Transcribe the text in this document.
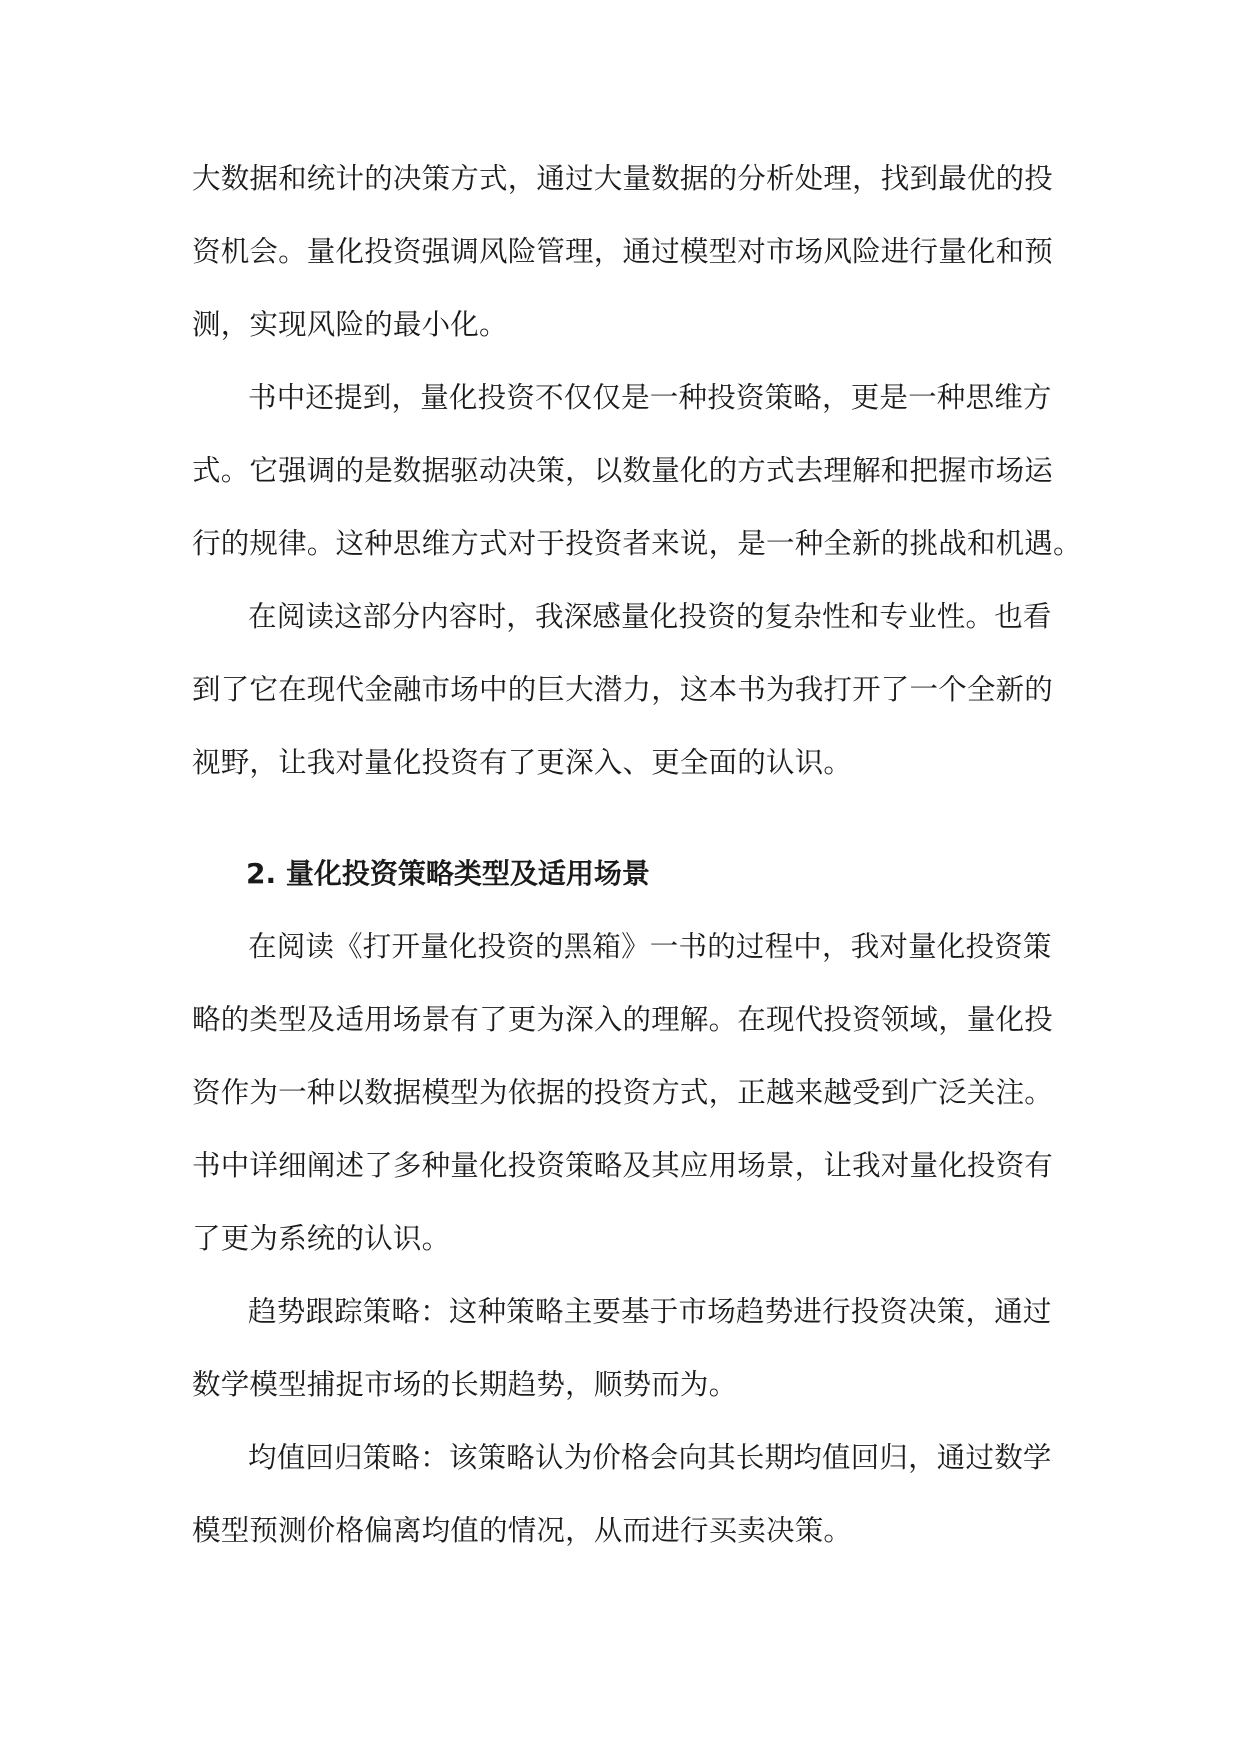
大数据和统计的决策方式，通过大量数据的分析处理，找到最优的投
资机会。量化投资强调风险管理，通过模型对市场风险进行量化和预
测，实现风险的最小化。
书中还提到，量化投资不仅仅是一种投资策略，更是一种思维方
式。它强调的是数据驱动决策，以数量化的方式去理解和把握市场运
行的规律。这种思维方式对于投资者来说，是一种全新的挑战和机遇。
在阅读这部分内容时，我深感量化投资的复杂性和专业性。也看
到了它在现代金融市场中的巨大潜力，这本书为我打开了一个全新的
视野，让我对量化投资有了更深入、更全面的认识。
2. 量化投资策略类型及适用场景
在阅读《打开量化投资的黑箱》一书的过程中，我对量化投资策
略的类型及适用场景有了更为深入的理解。在现代投资领域，量化投
资作为一种以数据模型为依据的投资方式，正越来越受到广泛关注。
书中详细阐述了多种量化投资策略及其应用场景，让我对量化投资有
了更为系统的认识。
趋势跟踪策略：这种策略主要基于市场趋势进行投资决策，通过
数学模型捕捉市场的长期趋势，顺势而为。
均值回归策略：该策略认为价格会向其长期均值回归，通过数学
模型预测价格偏离均值的情况，从而进行买卖决策。
